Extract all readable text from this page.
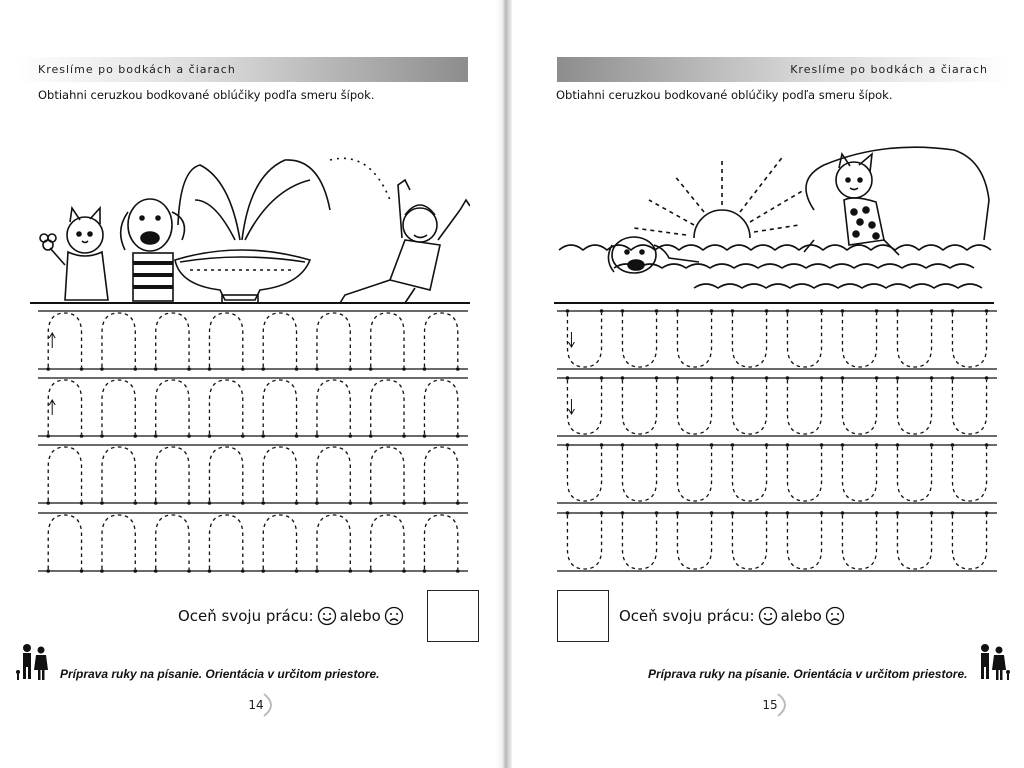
Kreslíme po bodkách a čiarach
Obtiahni ceruzkou bodkované oblúčiky podľa smeru šípok.
Oceň svoju prácu: alebo
Príprava ruky na písanie. Orientácia v určitom priestore.
14
Kreslíme po bodkách a čiarach
Obtiahni ceruzkou bodkované oblúčiky podľa smeru šípok.
Oceň svoju prácu: alebo
Príprava ruky na písanie. Orientácia v určitom priestore.
15
